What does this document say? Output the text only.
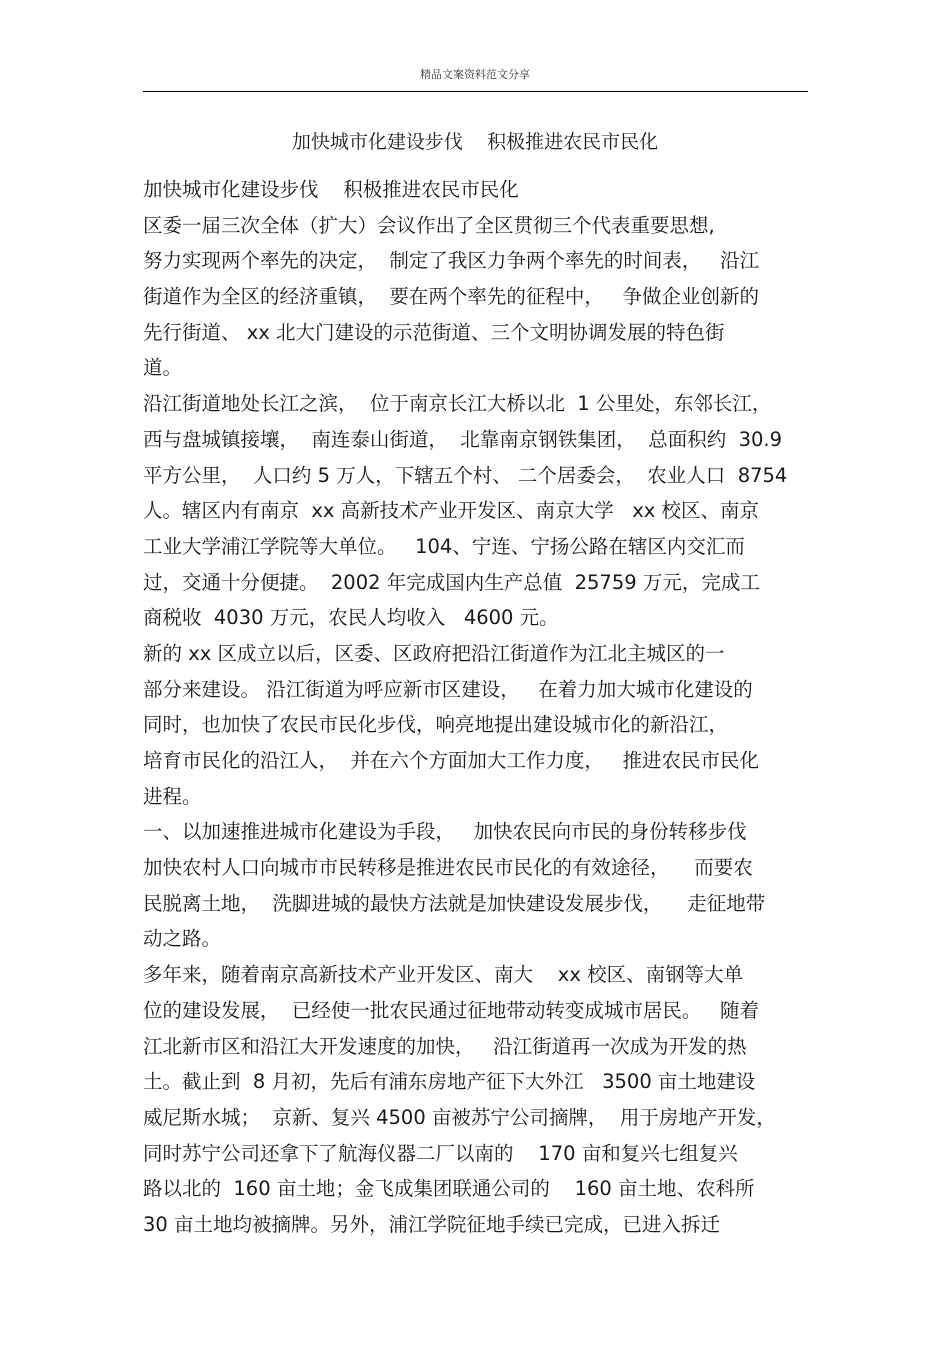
精品文案资料范文分享
加快城市化建设步伐    积极推进农民市民化
加快城市化建设步伐    积极推进农民市民化
区委一届三次全体（扩大）会议作出了全区贯彻三个代表重要思想,
努力实现两个率先的决定，  制定了我区力争两个率先的时间表，   沿江
街道作为全区的经济重镇，  要在两个率先的征程中，   争做企业创新的
先行街道、 xx 北大门建设的示范街道、三个文明协调发展的特色街
道。
沿江街道地处长江之滨，  位于南京长江大桥以北  1 公里处，东邻长江，
西与盘城镇接壤，  南连泰山街道，  北靠南京钢铁集团，  总面积约  30.9
平方公里，  人口约 5 万人，下辖五个村、 二个居委会，  农业人口  8754
人。辖区内有南京  xx 高新技术产业开发区、南京大学   xx 校区、南京
工业大学浦江学院等大单位。   104、宁连、宁扬公路在辖区内交汇而
过，交通十分便捷。  2002 年完成国内生产总值  25759 万元，完成工
商税收  4030 万元，农民人均收入   4600 元。
新的 xx 区成立以后，区委、区政府把沿江街道作为江北主城区的一
部分来建设。 沿江街道为呼应新市区建设，   在着力加大城市化建设的
同时，也加快了农民市民化步伐，响亮地提出建设城市化的新沿江，
培育市民化的沿江人，  并在六个方面加大工作力度，   推进农民市民化
进程。
一、以加速推进城市化建设为手段，   加快农民向市民的身份转移步伐
加快农村人口向城市市民转移是推进农民市民化的有效途径，    而要农
民脱离土地，  洗脚进城的最快方法就是加快建设发展步伐，    走征地带
动之路。
多年来，随着南京高新技术产业开发区、南大    xx 校区、南钢等大单
位的建设发展，  已经使一批农民通过征地带动转变成城市居民。   随着
江北新市区和沿江大开发速度的加快，   沿江街道再一次成为开发的热
土。截止到  8 月初，先后有浦东房地产征下大外江   3500 亩土地建设
威尼斯水城；  京新、复兴 4500 亩被苏宁公司摘牌，  用于房地产开发，
同时苏宁公司还拿下了航海仪器二厂以南的    170 亩和复兴七组复兴
路以北的  160 亩土地；金飞成集团联通公司的    160 亩土地、农科所
30 亩土地均被摘牌。另外，浦江学院征地手续已完成，已进入拆迁
